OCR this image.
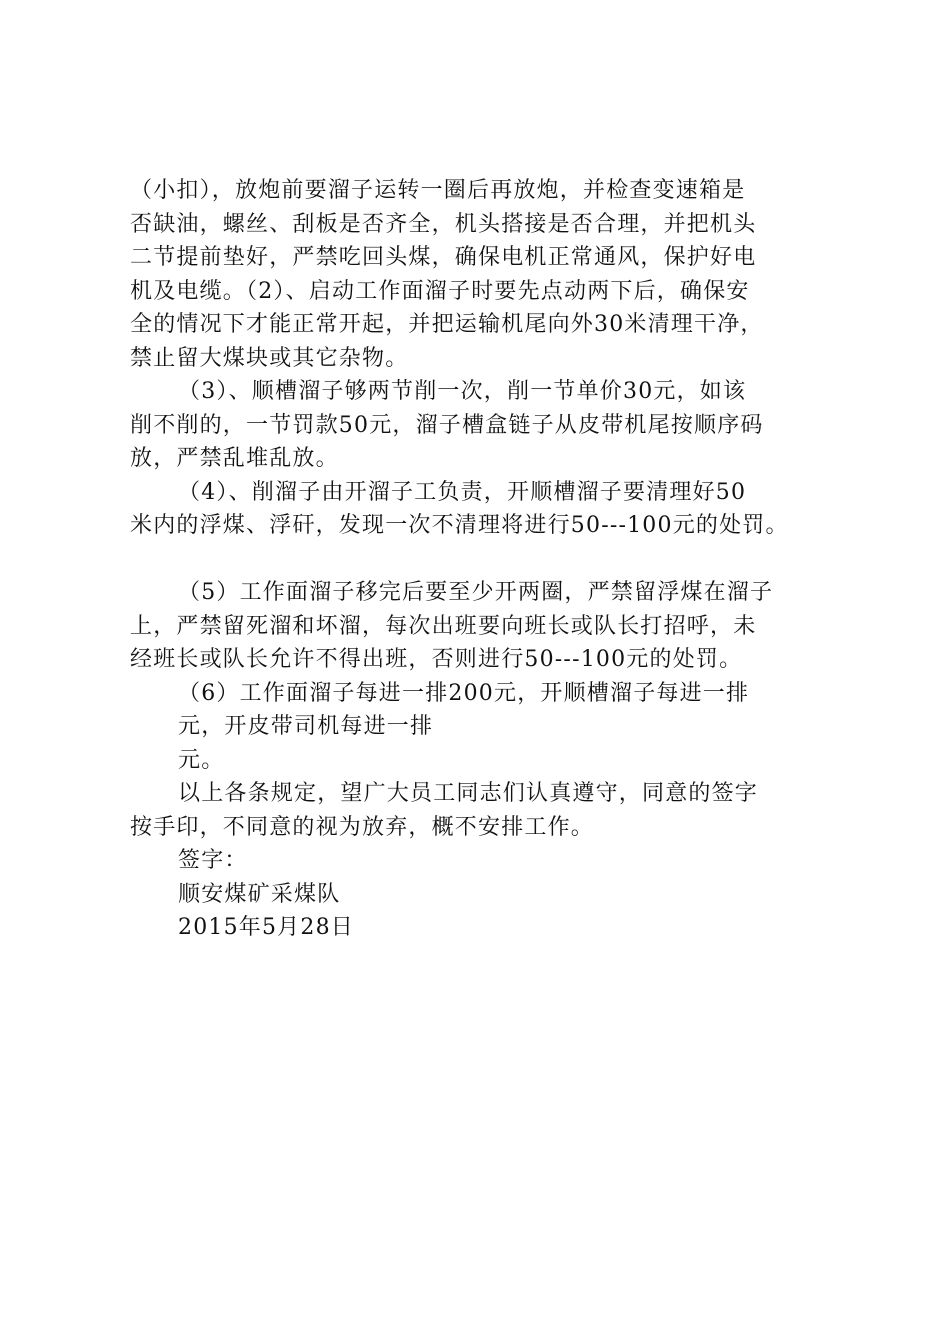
（小扣），放炮前要溜子运转一圈后再放炮，并检查变速箱是
否缺油，螺丝、刮板是否齐全，机头搭接是否合理，并把机头
二节提前垫好，严禁吃回头煤，确保电机正常通风，保护好电
机及电缆。（2）、启动工作面溜子时要先点动两下后，确保安
全的情况下才能正常开起，并把运输机尾向外30米清理干净，
禁止留大煤块或其它杂物。
（3）、顺槽溜子够两节削一次，削一节单价30元，如该
削不削的，一节罚款50元，溜子槽盒链子从皮带机尾按顺序码
放，严禁乱堆乱放。
（4）、削溜子由开溜子工负责，开顺槽溜子要清理好50
米内的浮煤、浮矸，发现一次不清理将进行50---100元的处罚。
（5）工作面溜子移完后要至少开两圈，严禁留浮煤在溜子
上，严禁留死溜和坏溜，每次出班要向班长或队长打招呼，未
经班长或队长允许不得出班，否则进行50---100元的处罚。
（6）工作面溜子每进一排200元，开顺槽溜子每进一排
元，开皮带司机每进一排
元。
以上各条规定，望广大员工同志们认真遵守，同意的签字
按手印，不同意的视为放弃，概不安排工作。
签字：
顺安煤矿采煤队
2015年5月28日
